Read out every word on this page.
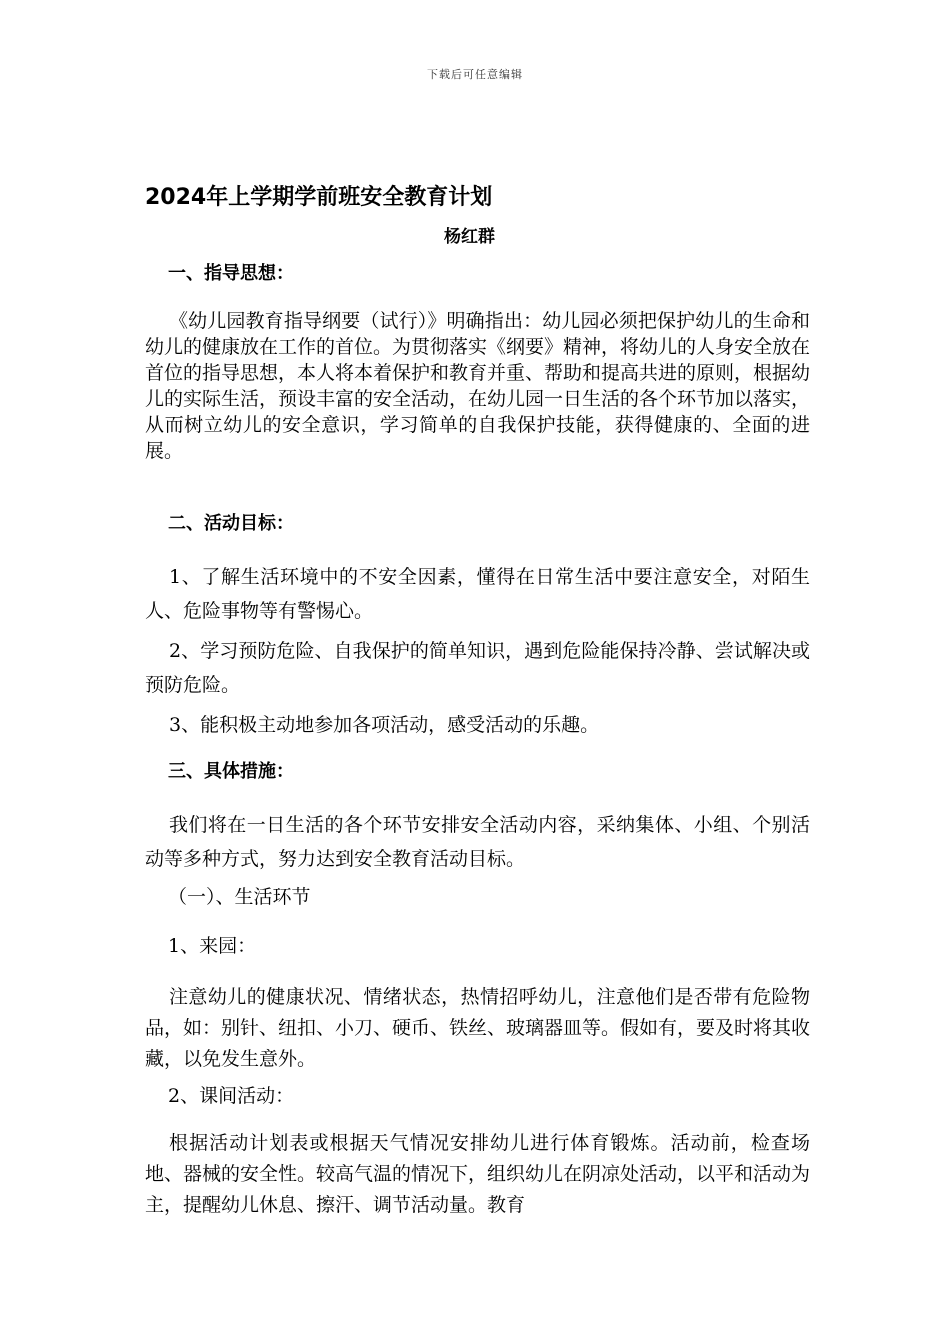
下载后可任意编辑
2024年上学期学前班安全教育计划
杨红群
一、指导思想：

《幼儿园教育指导纲要（试行）》明确指出：幼儿园必须把保护幼儿的生命和幼儿的健康放在工作的首位。为贯彻落实《纲要》精神，将幼儿的人身安全放在首位的指导思想，本人将本着保护和教育并重、帮助和提高共进的原则，根据幼儿的实际生活，预设丰富的安全活动，在幼儿园一日生活的各个环节加以落实，从而树立幼儿的安全意识，学习简单的自我保护技能，获得健康的、全面的进展。

二、活动目标：

1、了解生活环境中的不安全因素，懂得在日常生活中要注意安全，对陌生人、危险事物等有警惕心。

2、学习预防危险、自我保护的简单知识，遇到危险能保持冷静、尝试解决或预防危险。

3、能积极主动地参加各项活动，感受活动的乐趣。

三、具体措施：

我们将在一日生活的各个环节安排安全活动内容，采纳集体、小组、个别活动等多种方式，努力达到安全教育活动目标。

（一）、生活环节
1、来园：

注意幼儿的健康状况、情绪状态，热情招呼幼儿，注意他们是否带有危险物品，如：别针、纽扣、小刀、硬币、铁丝、玻璃器皿等。假如有，要及时将其收藏，以免发生意外。

2、课间活动：

根据活动计划表或根据天气情况安排幼儿进行体育锻炼。活动前，检查场地、器械的安全性。较高气温的情况下，组织幼儿在阴凉处活动，以平和活动为主，提醒幼儿休息、擦汗、调节活动量。教育
